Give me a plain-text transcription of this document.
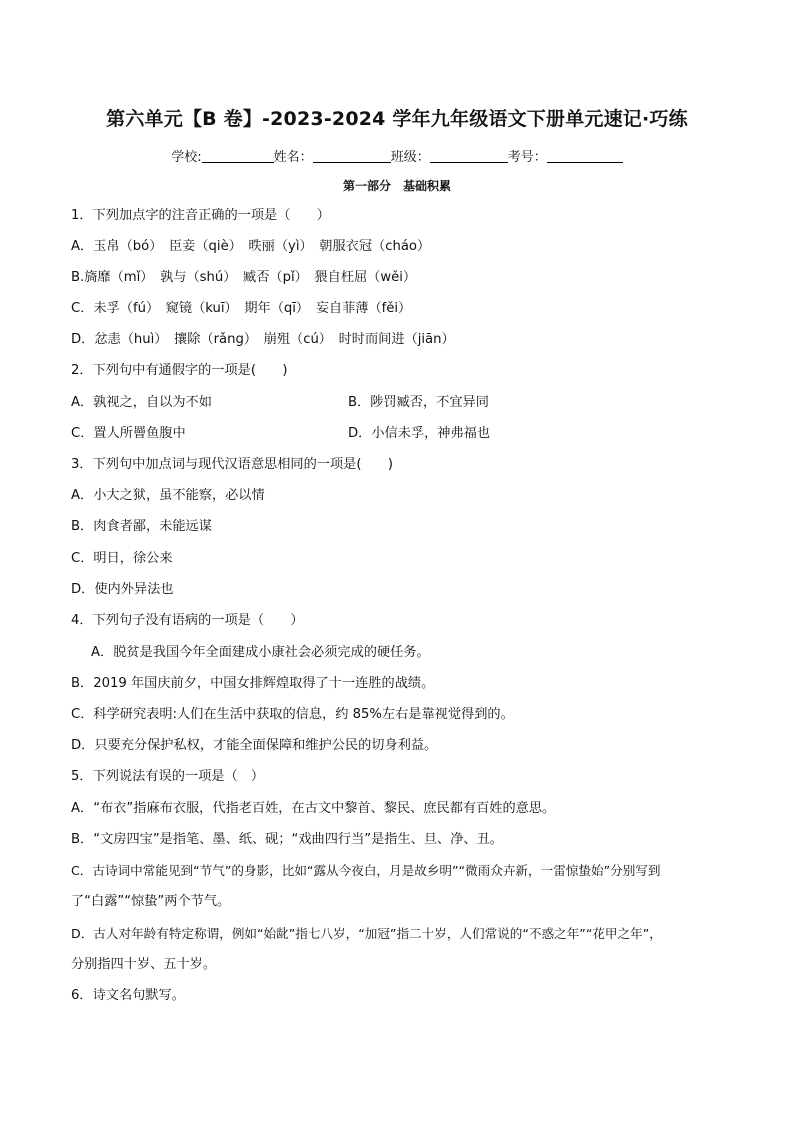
第六单元【B 卷】-2023-2024 学年九年级语文下册单元速记·巧练
学校:	姓名：	班级：	考号：
第一部分　基础积累
1．下列加点字的注音正确的一项是（　　）
A．玉帛（bó）　臣妾（qiè）　昳丽（yì）　朝服衣冠（cháo）
B.旖靡（mǐ）　孰与（shú）　臧否（pǐ）　猥自枉屈（wěi）
C．未孚（fú）　窥镜（kuī）　期年（qī）　妄自菲薄（fěi）
D．忿恚（huì）　攘除（rǎng）　崩殂（cú）　时时而间进（jiān）
2．下列句中有通假字的一项是(　　)
A．孰视之，自以为不如	B．陟罚臧否，不宜异同
C．置人所罾鱼腹中	D．小信未孚，神弗福也
3．下列句中加点词与现代汉语意思相同的一项是(　　)
A．小大之狱，虽不能察，必以情
B．肉食者鄙，未能远谋
C．明日，徐公来
D．使内外异法也
4．下列句子没有语病的一项是（　　）
A．脱贫是我国今年全面建成小康社会必须完成的硬任务。
B．2019 年国庆前夕，中国女排辉煌取得了十一连胜的战绩。
C．科学研究表明:人们在生活中获取的信息，约 85%左右是靠视觉得到的。
D．只要充分保护私权，才能全面保障和维护公民的切身利益。
5．下列说法有误的一项是（　）
A．“布衣”指麻布衣服，代指老百姓，在古文中黎首、黎民、庶民都有百姓的意思。
B．“文房四宝”是指笔、墨、纸、砚；“戏曲四行当”是指生、旦、净、丑。
C．古诗词中常能见到“节气”的身影，比如“露从今夜白，月是故乡明”“微雨众卉新，一雷惊蛰始”分别写到
了“白露”“惊蛰”两个节气。
D．古人对年龄有特定称谓，例如“始龀”指七八岁，“加冠”指二十岁，人们常说的“不惑之年”“花甲之年”，
分别指四十岁、五十岁。
6．诗文名句默写。
